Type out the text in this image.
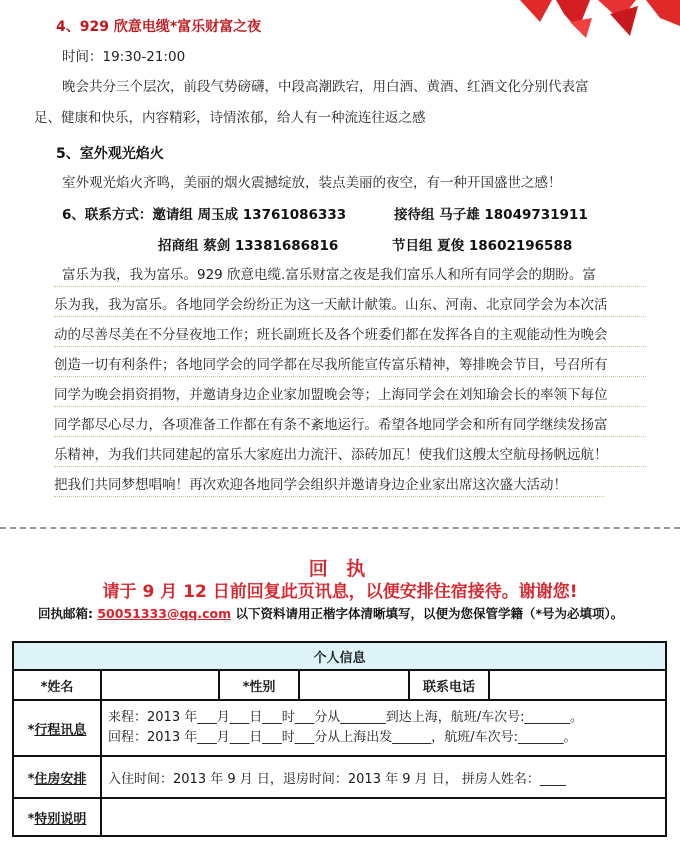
4、929 欣意电缆*富乐财富之夜
时间：19:30-21:00
晚会共分三个层次，前段气势磅礴，中段高潮跌宕，用白酒、黄酒、红酒文化分别代表富
足、健康和快乐，内容精彩，诗情浓郁，给人有一种流连往返之感
5、室外观光焰火
室外观光焰火齐鸣，美丽的烟火震撼绽放，装点美丽的夜空，有一种开国盛世之感！
6、联系方式：邀请组 周玉成 13761086333	接待组 马子雄 18049731911
招商组 蔡剑 13381686816	节目组 夏俊 18602196588
富乐为我，我为富乐。929 欣意电缆.富乐财富之夜是我们富乐人和所有同学会的期盼。富
乐为我，我为富乐。各地同学会纷纷正为这一天献计献策。山东、河南、北京同学会为本次活
动的尽善尽美在不分昼夜地工作；班长副班长及各个班委们都在发挥各自的主观能动性为晚会
创造一切有利条件；各地同学会的同学都在尽我所能宣传富乐精神，筹排晚会节目，号召所有
同学为晚会捐资捐物，并邀请身边企业家加盟晚会等；上海同学会在刘知瑜会长的率领下每位
同学都尽心尽力，各项准备工作都在有条不紊地运行。希望各地同学会和所有同学继续发扬富
乐精神，为我们共同建起的富乐大家庭出力流汗、添砖加瓦！使我们这艘太空航母扬帆远航！
把我们共同梦想唱响！再次欢迎各地同学会组织并邀请身边企业家出席这次盛大活动！
回 执
请于 9 月 12 日前回复此页讯息，以便安排住宿接待。谢谢您!
回执邮箱: 50051333@qq.com 以下资料请用正楷字体清晰填写，以便为您保管学籍（*号为必填项）。
个人信息					
*姓名		*性别		联系电话	
*行程讯息	来程：2013 年___月___日___时___分从_______到达上海，航班/车次号:_______。
回程：2013 年___月___日___时___分从上海出发______，航班/车次号:_______。				

*住房安排	入住时间：2013 年 9 月 日，退房时间：2013 年 9 月 日， 拼房人姓名：____				
*特别说明					
